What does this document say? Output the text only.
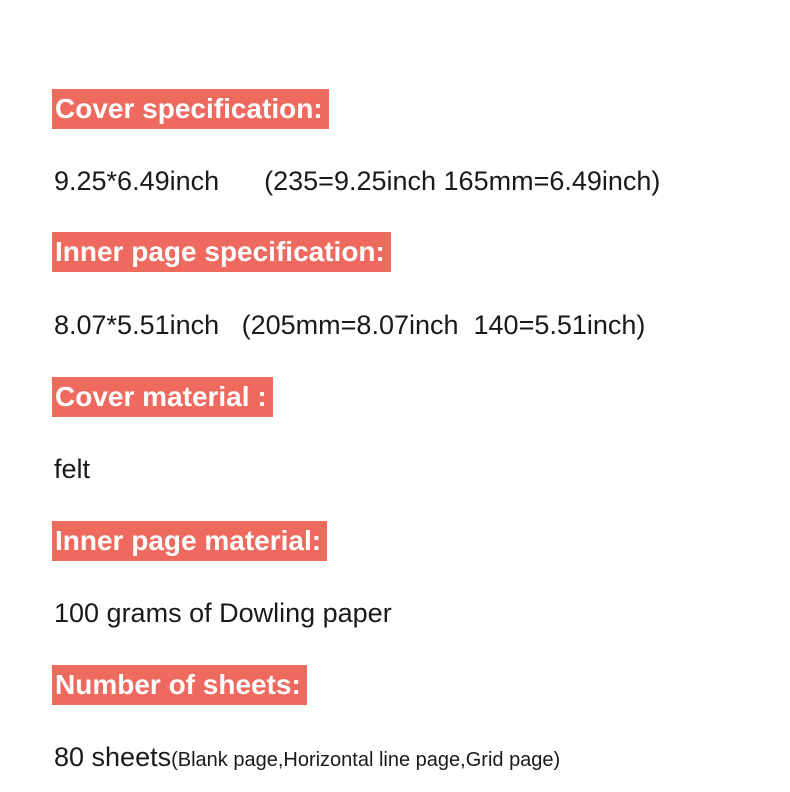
Cover specification:
9.25*6.49inch      (235=9.25inch 165mm=6.49inch)
Inner page specification:
8.07*5.51inch   (205mm=8.07inch  140=5.51inch)
Cover material :
felt
Inner page material:
100 grams of Dowling paper
Number of sheets:
80 sheets(Blank page,Horizontal line page,Grid page)
